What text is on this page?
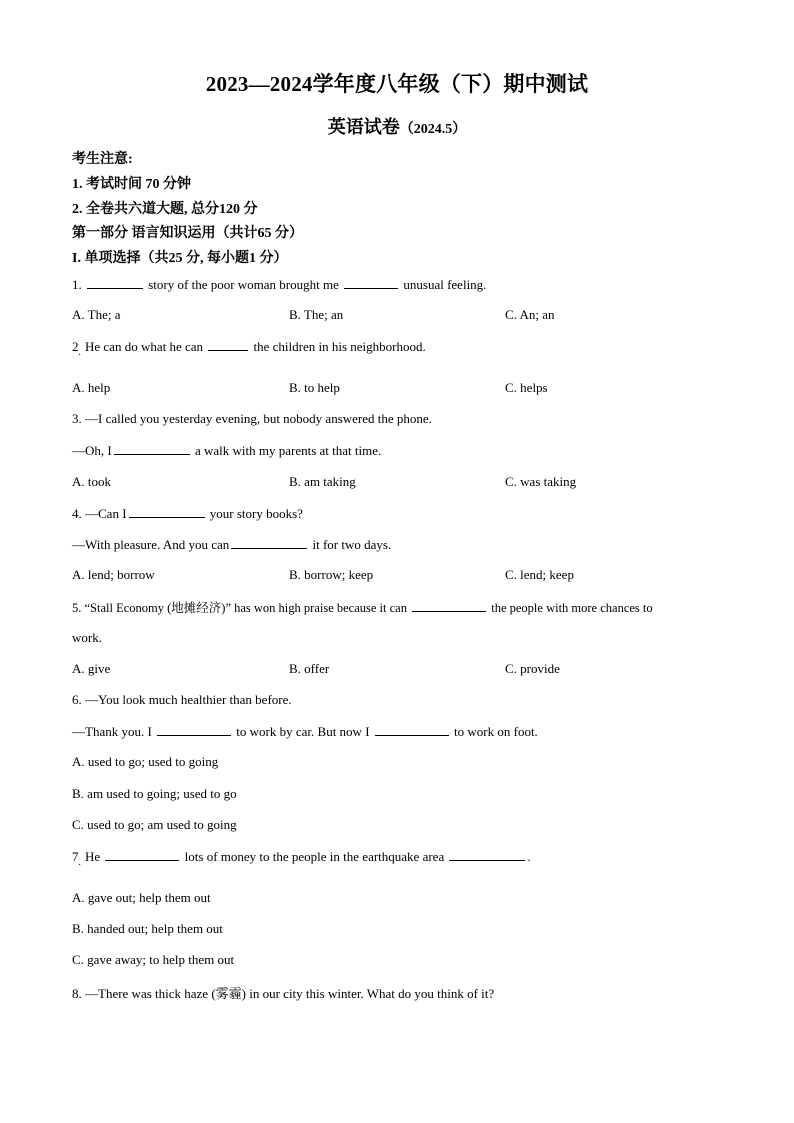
2023—2024学年度八年级（下）期中测试
英语试卷（2024.5）
考生注意:
1. 考试时间 70 分钟
2. 全卷共六道大题, 总分120 分
第一部分 语言知识运用（共计65 分）
I. 单项选择（共25 分, 每小题1 分）
1.	story of the poor woman brought me	unusual feeling.
A. The; a	B. The; an	C. An; an
2 He can do what he can	the children in his neighborhood.
·
A. help	B. to help	C. helps
3. —I called you yesterday evening, but nobody answered the phone.
—Oh, I	a walk with my parents at that time.
A. took	B. am taking	C. was taking
4. —Can I	your story books?
—With pleasure. And you can	it for two days.
A. lend; borrow	B. borrow; keep	C. lend; keep
5. “Stall Economy (地摊经济)” has won high praise because it can	the people with more chances to
work.
A. give	B. offer	C. provide
6. —You look much healthier than before.
—Thank you. I	to work by car. But now I	to work on foot.
A. used to go; used to going
B. am used to going; used to go
C. used to go; am used to going
7 He	lots of money to the people in the earthquake area	.
·
A. gave out; help them out
B. handed out; help them out
C. gave away; to help them out
8. —There was thick haze (雾霾) in our city this winter. What do you think of it?
